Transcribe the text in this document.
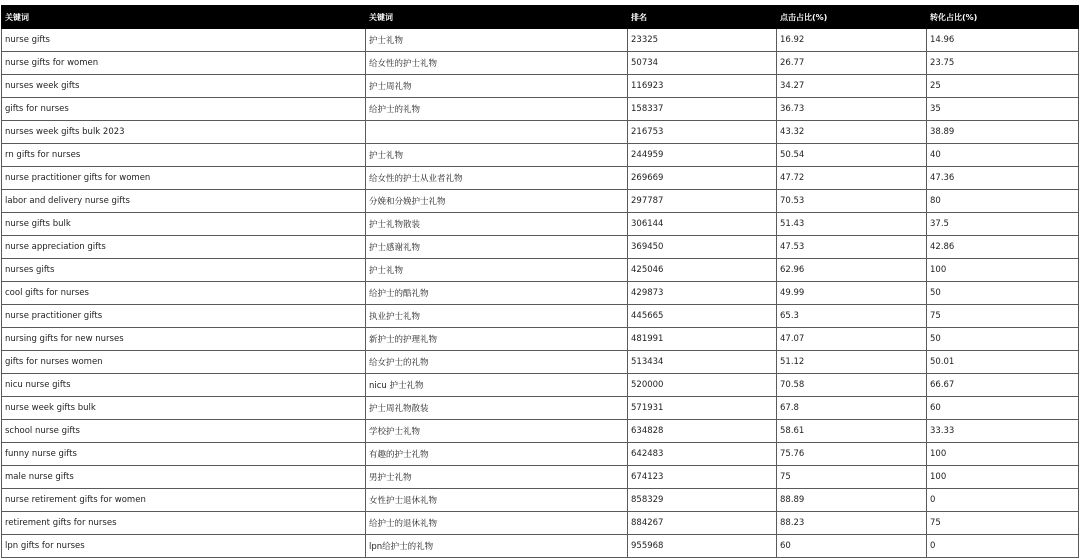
关键词	关键词	排名	点击占比(%)	转化占比(%)
nurse gifts	护士礼物	23325	16.92	14.96
nurse gifts for women	给女性的护士礼物	50734	26.77	23.75
nurses week gifts	护士周礼物	116923	34.27	25
gifts for nurses	给护士的礼物	158337	36.73	35
nurses week gifts bulk 2023		216753	43.32	38.89
rn gifts for nurses	护士礼物	244959	50.54	40
nurse practitioner gifts for women	给女性的护士从业者礼物	269669	47.72	47.36
labor and delivery nurse gifts	分娩和分娩护士礼物	297787	70.53	80
nurse gifts bulk	护士礼物散装	306144	51.43	37.5
nurse appreciation gifts	护士感谢礼物	369450	47.53	42.86
nurses gifts	护士礼物	425046	62.96	100
cool gifts for nurses	给护士的酷礼物	429873	49.99	50
nurse practitioner gifts	执业护士礼物	445665	65.3	75
nursing gifts for new nurses	新护士的护理礼物	481991	47.07	50
gifts for nurses women	给女护士的礼物	513434	51.12	50.01
nicu nurse gifts	nicu 护士礼物	520000	70.58	66.67
nurse week gifts bulk	护士周礼物散装	571931	67.8	60
school nurse gifts	学校护士礼物	634828	58.61	33.33
funny nurse gifts	有趣的护士礼物	642483	75.76	100
male nurse gifts	男护士礼物	674123	75	100
nurse retirement gifts for women	女性护士退休礼物	858329	88.89	0
retirement gifts for nurses	给护士的退休礼物	884267	88.23	75
lpn gifts for nurses	lpn给护士的礼物	955968	60	0
